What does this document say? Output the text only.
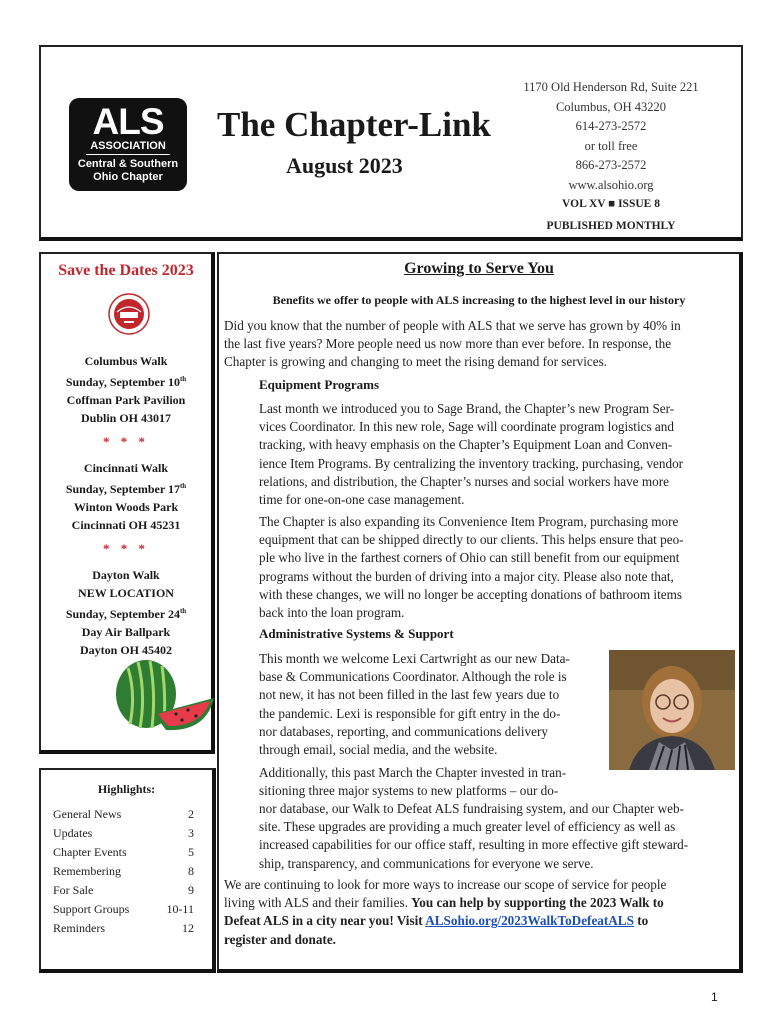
ALS
ASSOCIATION
Central & Southern
Ohio Chapter
The Chapter-Link
August 2023
1170 Old Henderson Rd, Suite 221
Columbus, OH 43220
614-273-2572
or toll free
866-273-2572
www.alsohio.org
VOL XV ■ ISSUE 8
PUBLISHED MONTHLY
Save the Dates 2023
Columbus Walk
Sunday, September 10th
Coffman Park Pavilion
Dublin OH 43017
* * *
Cincinnati Walk
Sunday, September 17th
Winton Woods Park
Cincinnati OH 45231
* * *
Dayton Walk
NEW LOCATION
Sunday, September 24th
Day Air Ballpark
Dayton OH 45402
Highlights:
General News	2
Updates	3
Chapter Events	5
Remembering	8
For Sale	9
Support Groups	10-11
Reminders	12
Growing to Serve You
Benefits we offer to people with ALS increasing to the highest level in our history
Did you know that the number of people with ALS that we serve has grown by 40% in
the last five years? More people need us now more than ever before. In response, the
Chapter is growing and changing to meet the rising demand for services.
Equipment Programs
Last month we introduced you to Sage Brand, the Chapter’s new Program Ser-
vices Coordinator. In this new role, Sage will coordinate program logistics and
tracking, with heavy emphasis on the Chapter’s Equipment Loan and Conven-
ience Item Programs. By centralizing the inventory tracking, purchasing, vendor
relations, and distribution, the Chapter’s nurses and social workers have more
time for one-on-one case management.
The Chapter is also expanding its Convenience Item Program, purchasing more
equipment that can be shipped directly to our clients. This helps ensure that peo-
ple who live in the farthest corners of Ohio can still benefit from our equipment
programs without the burden of driving into a major city. Please also note that,
with these changes, we will no longer be accepting donations of bathroom items
back into the loan program.
Administrative Systems & Support
This month we welcome Lexi Cartwright as our new Data-
base & Communications Coordinator. Although the role is
not new, it has not been filled in the last few years due to
the pandemic. Lexi is responsible for gift entry in the do-
nor databases, reporting, and communications delivery
through email, social media, and the website.
Additionally, this past March the Chapter invested in tran-
sitioning three major systems to new platforms – our do-
nor database, our Walk to Defeat ALS fundraising system, and our Chapter web-
site. These upgrades are providing a much greater level of efficiency as well as
increased capabilities for our office staff, resulting in more effective gift steward-
ship, transparency, and communications for everyone we serve.
We are continuing to look for more ways to increase our scope of service for people
living with ALS and their families. You can help by supporting the 2023 Walk to
Defeat ALS in a city near you! Visit ALSohio.org/2023WalkToDefeatALS to
register and donate.
1
